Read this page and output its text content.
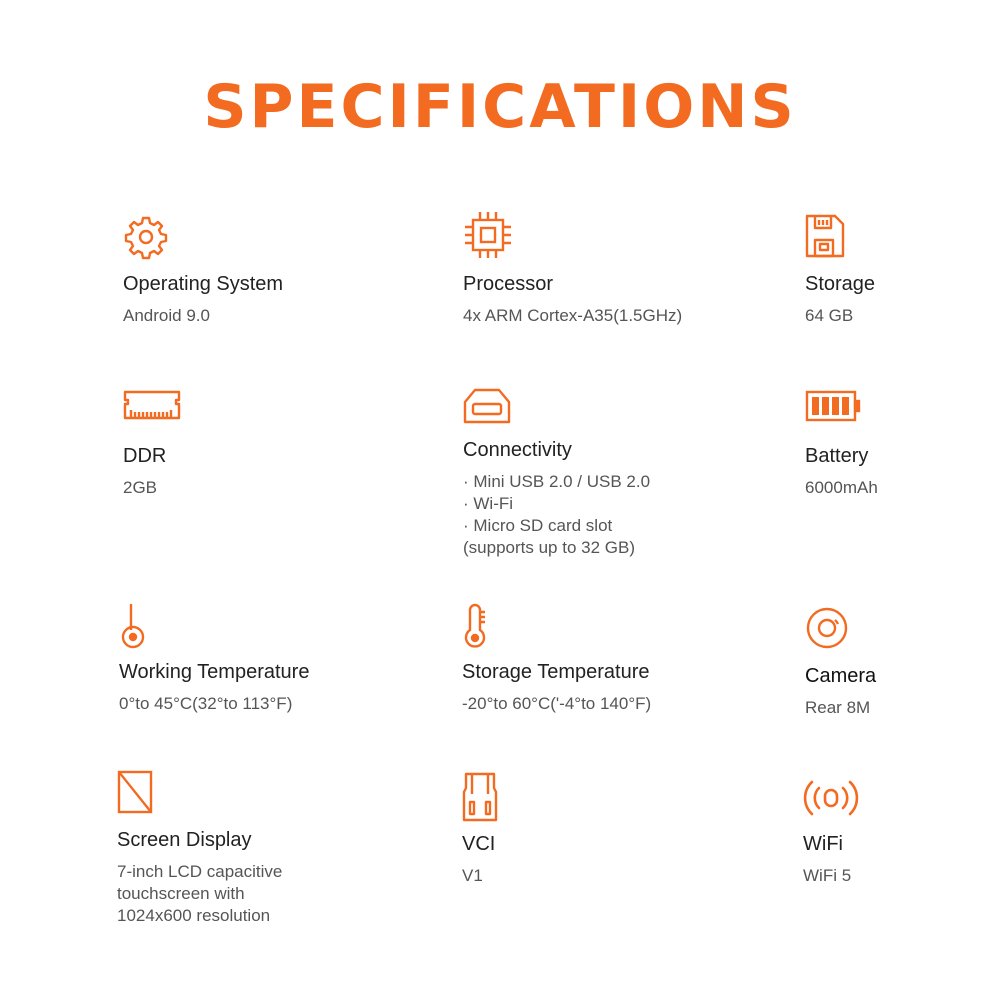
SPECIFICATIONS

Operating System

Android 9.0

Processor

4x ARM Cortex-A35(1.5GHz)

Storage

64 GB

DDR

2GB

Connectivity

· Mini USB 2.0 / USB 2.0
· Wi-Fi
· Micro SD card slot
(supports up to 32 GB)

Battery

6000mAh

Working Temperature

0°to 45°C(32°to 113°F)

Storage Temperature

-20°to 60°C('-4°to 140°F)

Camera

Rear 8M

Screen Display

7-inch LCD capacitive
touchscreen with
1024x600 resolution

VCI

V1

WiFi

WiFi 5
